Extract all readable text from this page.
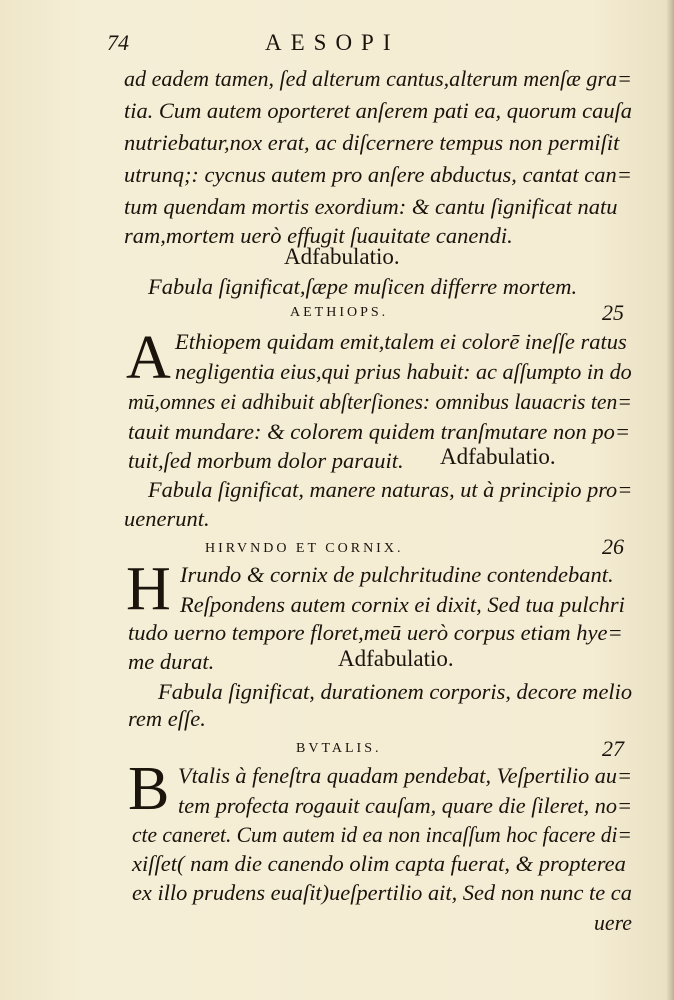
74	AESOPI
ad eadem tamen, ſed alterum cantus,alterum menſæ gra=
tia. Cum autem oporteret anſerem pati ea, quorum cauſa
nutriebatur,nox erat, ac diſcernere tempus non permiſit
utrunq;: cycnus autem pro anſere abductus, cantat can=
tum quendam mortis exordium: & cantu ſignificat natu
ram,mortem uerò effugit ſuauitate canendi.
Adfabulatio.
Fabula ſignificat,ſæpe muſicen differre mortem.
AETHIOPS.	25
A Ethiopem quidam emit,talem ei colorē ineſſe ratus
negligentia eius,qui prius habuit: ac aſſumpto in do
mū,omnes ei adhibuit abſterſiones: omnibus lauacris ten=
tauit mundare: & colorem quidem tranſmutare non po=
tuit,ſed morbum dolor parauit. Adfabulatio.
Fabula ſignificat, manere naturas, ut à principio pro=
uenerunt.
HIRVNDO ET CORNIX.	26
H Irundo & cornix de pulchritudine contendebant.
Reſpondens autem cornix ei dixit, Sed tua pulchri
tudo uerno tempore floret,meū uerò corpus etiam hye=
me durat.	Adfabulatio.
Fabula ſignificat, durationem corporis, decore melio
rem eſſe.
BVTALIS.	27
B Vtalis à feneſtra quadam pendebat, Veſpertilio au=
tem profecta rogauit cauſam, quare die ſileret, no=
cte caneret. Cum autem id ea non incaſſum hoc facere di=
xiſſet( nam die canendo olim capta fuerat, & propterea
ex illo prudens euaſit)ueſpertilio ait, Sed non nunc te ca
uere
